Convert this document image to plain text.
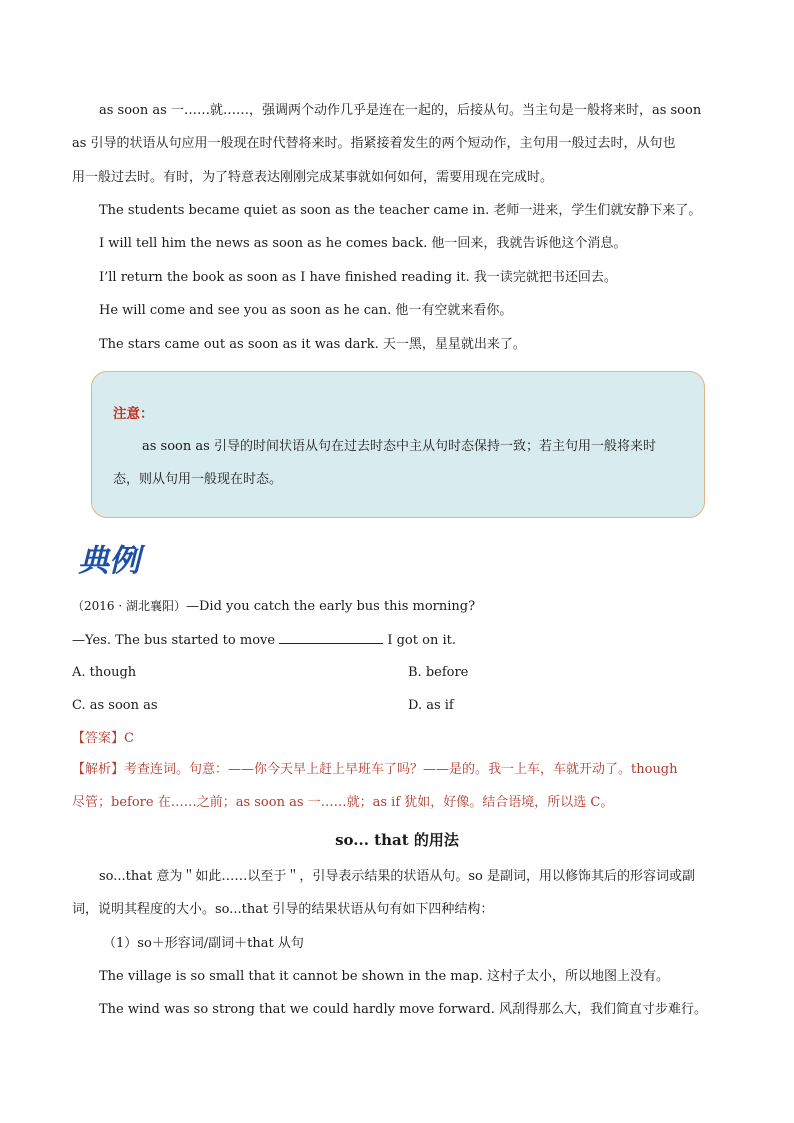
as soon as 一……就……，强调两个动作几乎是连在一起的，后接从句。当主句是一般将来时，as soon
as 引导的状语从句应用一般现在时代替将来时。指紧接着发生的两个短动作，主句用一般过去时，从句也
用一般过去时。有时，为了特意表达刚刚完成某事就如何如何，需要用现在完成时。
The students became quiet as soon as the teacher came in. 老师一进来，学生们就安静下来了。
I will tell him the news as soon as he comes back. 他一回来，我就告诉他这个消息。
I’ll return the book as soon as I have finished reading it. 我一读完就把书还回去。
He will come and see you as soon as he can. 他一有空就来看你。
The stars came out as soon as it was dark. 天一黑，星星就出来了。
注意：
as soon as 引导的时间状语从句在过去时态中主从句时态保持一致；若主句用一般将来时
态，则从句用一般现在时态。
典例
（2016 · 湖北襄阳）—Did you catch the early bus this morning?
—Yes. The bus started to move	I got on it.
A. though	B. before
C. as soon as	D. as if
【答案】C
【解析】考查连词。句意：——你今天早上赶上早班车了吗？——是的。我一上车，车就开动了。though
尽管；before 在……之前；as soon as 一……就；as if 犹如，好像。结合语境，所以选 C。
so... that 的用法
so...that 意为＂如此……以至于＂，引导表示结果的状语从句。so 是副词，用以修饰其后的形容词或副
词，说明其程度的大小。so...that 引导的结果状语从句有如下四种结构：
（1）so＋形容词/副词＋that 从句
The village is so small that it cannot be shown in the map. 这村子太小，所以地图上没有。
The wind was so strong that we could hardly move forward. 风刮得那么大，我们简直寸步难行。
